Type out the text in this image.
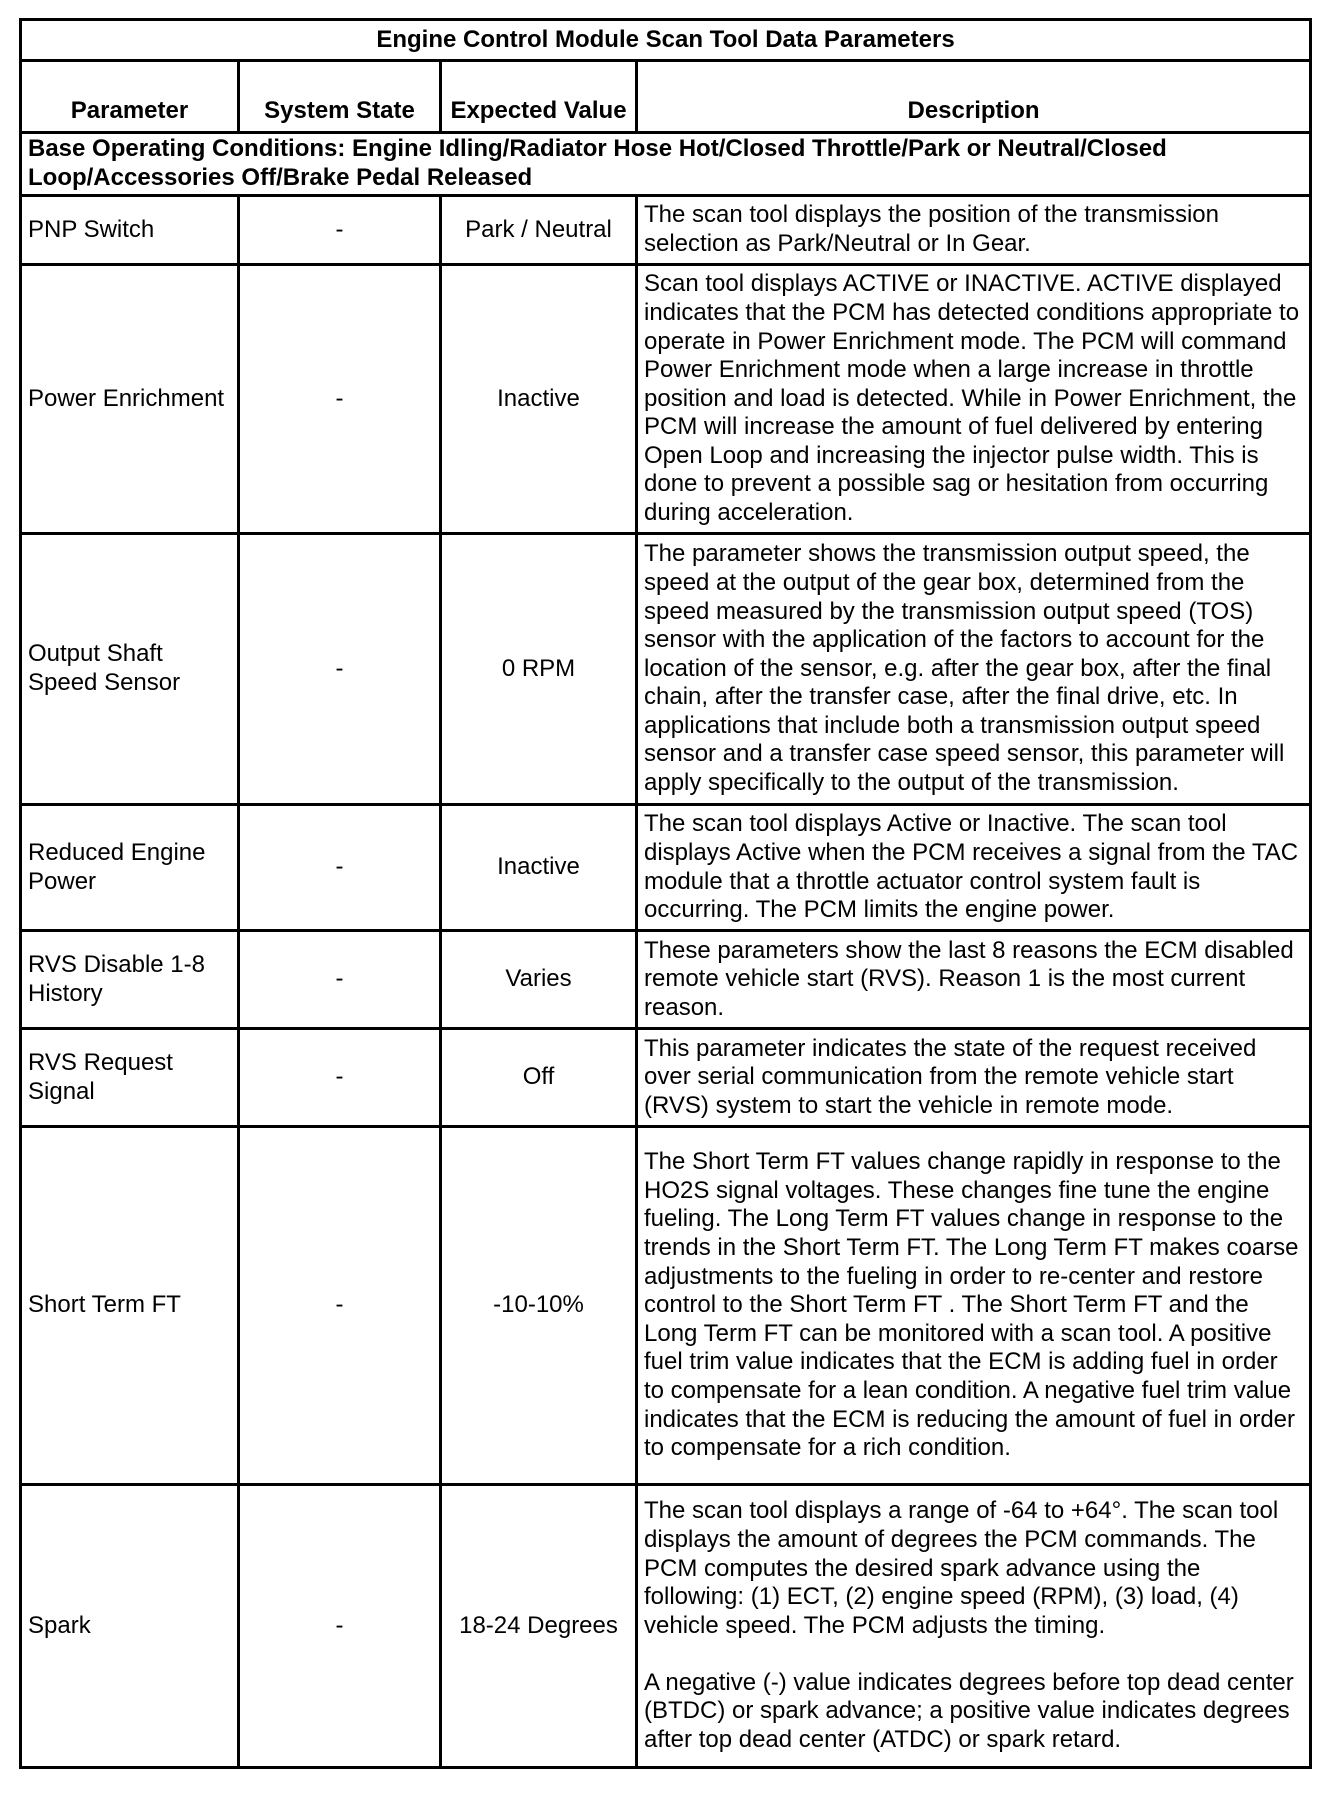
Engine Control Module Scan Tool Data Parameters			
Parameter	System State	Expected Value	Description
Base Operating Conditions: Engine Idling/Radiator Hose Hot/Closed Throttle/Park or Neutral/Closed Loop/Accessories Off/Brake Pedal Released			
PNP Switch	-	Park / Neutral	The scan tool displays the position of the transmission selection as Park/Neutral or In Gear.
Power Enrichment	-	Inactive	Scan tool displays ACTIVE or INACTIVE. ACTIVE displayed indicates that the PCM has detected conditions appropriate to operate in Power Enrichment mode. The PCM will command Power Enrichment mode when a large increase in throttle position and load is detected. While in Power Enrichment, the PCM will increase the amount of fuel delivered by entering Open Loop and increasing the injector pulse width. This is done to prevent a possible sag or hesitation from occurring during acceleration.
Output Shaft Speed Sensor	-	0 RPM	The parameter shows the transmission output speed, the speed at the output of the gear box, determined from the speed measured by the transmission output speed (TOS) sensor with the application of the factors to account for the location of the sensor, e.g. after the gear box, after the final chain, after the transfer case, after the final drive, etc. In applications that include both a transmission output speed sensor and a transfer case speed sensor, this parameter will apply specifically to the output of the transmission.
Reduced Engine Power	-	Inactive	The scan tool displays Active or Inactive. The scan tool displays Active when the PCM receives a signal from the TAC module that a throttle actuator control system fault is occurring. The PCM limits the engine power.
RVS Disable 1-8 History	-	Varies	These parameters show the last 8 reasons the ECM disabled remote vehicle start (RVS). Reason 1 is the most current reason.
RVS Request Signal	-	Off	This parameter indicates the state of the request received over serial communication from the remote vehicle start (RVS) system to start the vehicle in remote mode.
Short Term FT	-	-10-10%	The Short Term FT values change rapidly in response to the HO2S signal voltages. These changes fine tune the engine fueling. The Long Term FT values change in response to the trends in the Short Term FT. The Long Term FT makes coarse adjustments to the fueling in order to re-center and restore control to the Short Term FT . The Short Term FT and the Long Term FT can be monitored with a scan tool. A positive fuel trim value indicates that the ECM is adding fuel in order to compensate for a lean condition. A negative fuel trim value indicates that the ECM is reducing the amount of fuel in order to compensate for a rich condition.
Spark	-	18-24 Degrees	The scan tool displays a range of -64 to +64°. The scan tool displays the amount of degrees the PCM commands. The PCM computes the desired spark advance using the following: (1) ECT, (2) engine speed (RPM), (3) load, (4) vehicle speed. The PCM adjusts the timing.
A negative (-) value indicates degrees before top dead center (BTDC) or spark advance; a positive value indicates degrees after top dead center (ATDC) or spark retard.
